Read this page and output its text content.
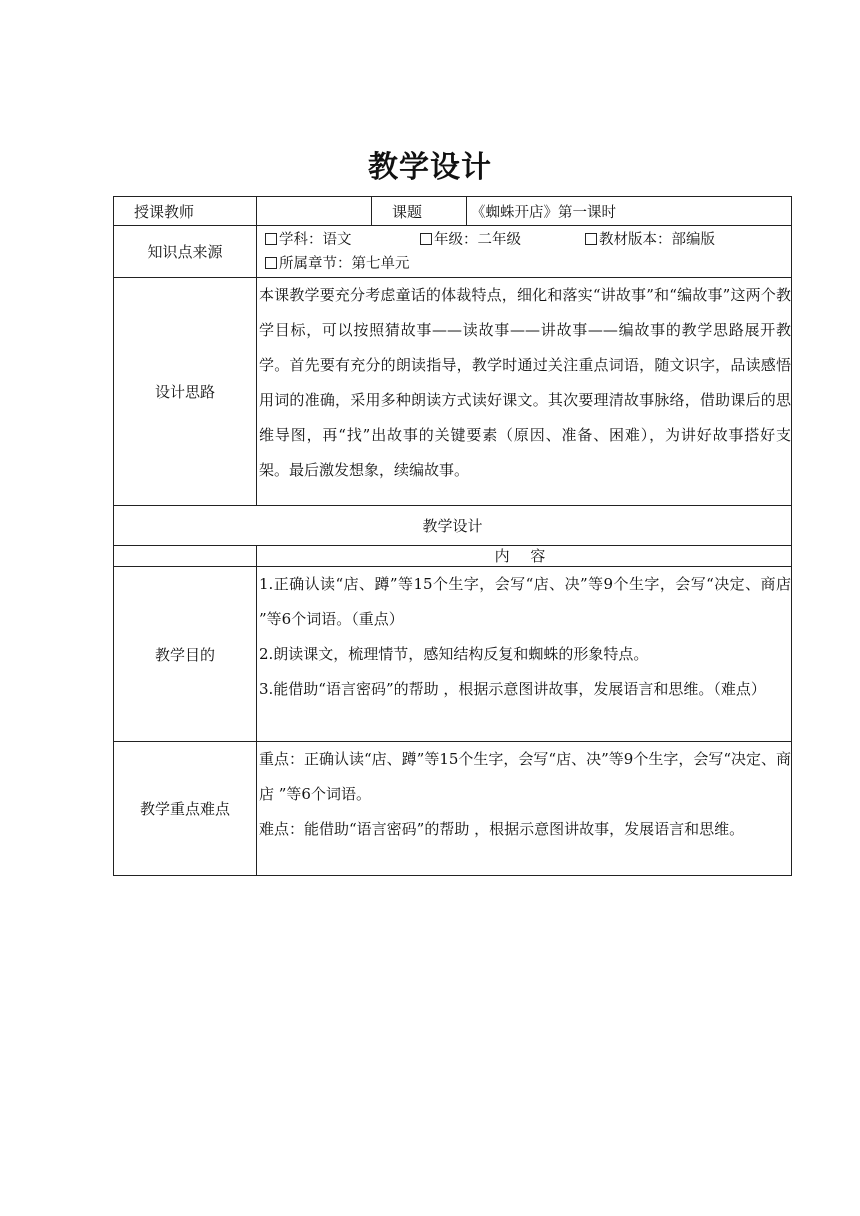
教学设计
授课教师		课题	《蜘蛛开店》第一课时
知识点来源	学科：语文 年级：二年级 教材版本：部编版
所属章节：第七单元		

设计思路	本课教学要充分考虑童话的体裁特点，细化和落实“讲故事”和“编故事”这两个教学目标，可以按照猜故事——读故事——讲故事——编故事的教学思路展开教学。首先要有充分的朗读指导，教学时通过关注重点词语，随文识字，品读感悟用词的准确，采用多种朗读方式读好课文。其次要理清故事脉络，借助课后的思维导图，再“找”出故事的关键要素（原因、准备、困难），为讲好故事搭好支架。最后激发想象，续编故事。		

教学设计			
	内 容		
教学目的	1.正确认读“店、蹲”等15个生字，会写“店、决”等9个生字，会写“决定、商店 ”等6个词语。（重点）

2.朗读课文，梳理情节，感知结构反复和蜘蛛的形象特点。

3.能借助“语言密码”的帮助 ，根据示意图讲故事，发展语言和思维。（难点）		

教学重点难点	重点：正确认读“店、蹲”等15个生字，会写“店、决”等9个生字，会写“决定、商店 ”等6个词语。

难点：能借助“语言密码”的帮助 ，根据示意图讲故事，发展语言和思维。		
